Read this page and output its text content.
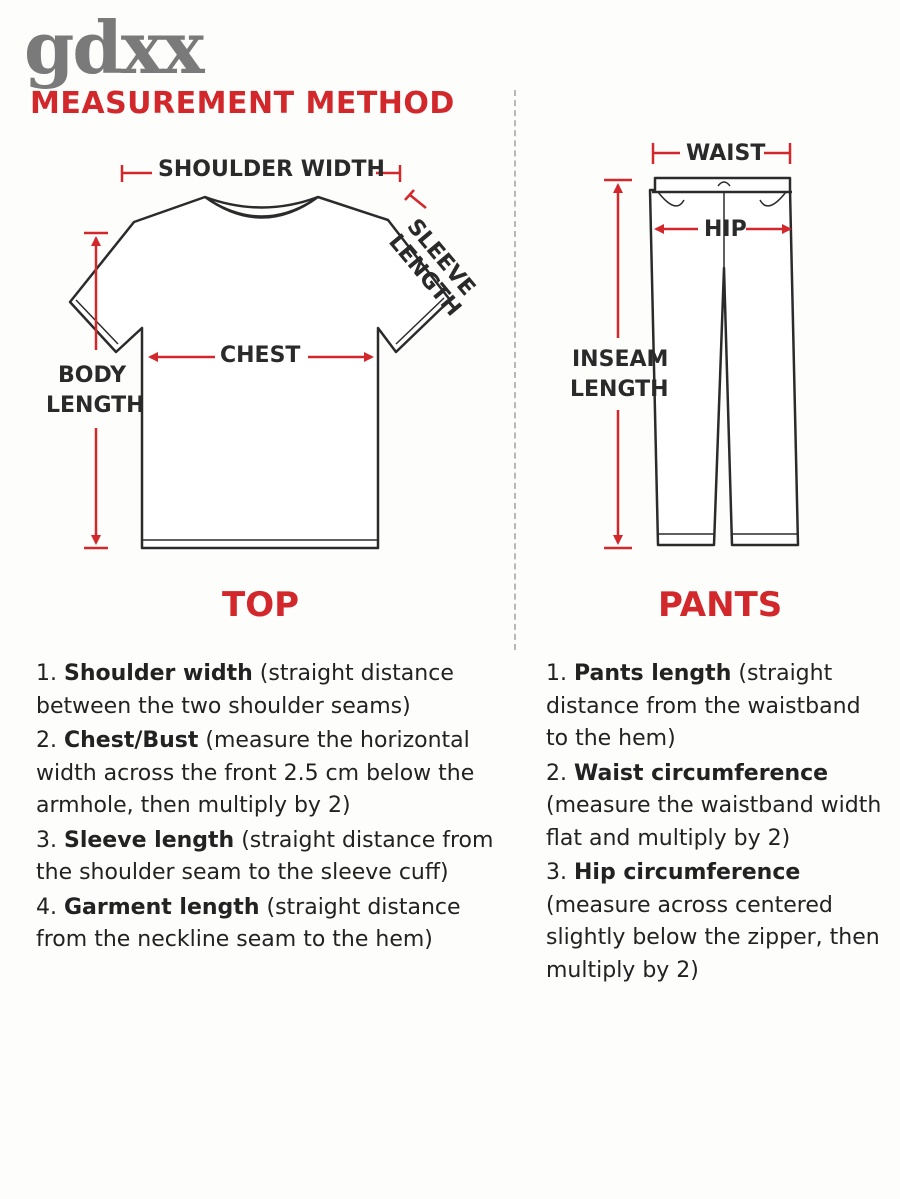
gdxx
MEASUREMENT METHOD
SHOULDER WIDTH
SLEEVE LENGTH
CHEST
BODY
LENGTH
WAIST
HIP
INSEAM
LENGTH
TOP	PANTS
1. Shoulder width (straight distance between the two shoulder seams)
2. Chest/Bust (measure the horizontal width across the front 2.5 cm below the armhole, then multiply by 2)
3. Sleeve length (straight distance from the shoulder seam to the sleeve cuff)
4. Garment length (straight distance from the neckline seam to the hem)
1. Pants length (straight distance from the waistband to the hem)
2. Waist circumference (measure the waistband width flat and multiply by 2)
3. Hip circumference (measure across centered slightly below the zipper, then multiply by 2)
